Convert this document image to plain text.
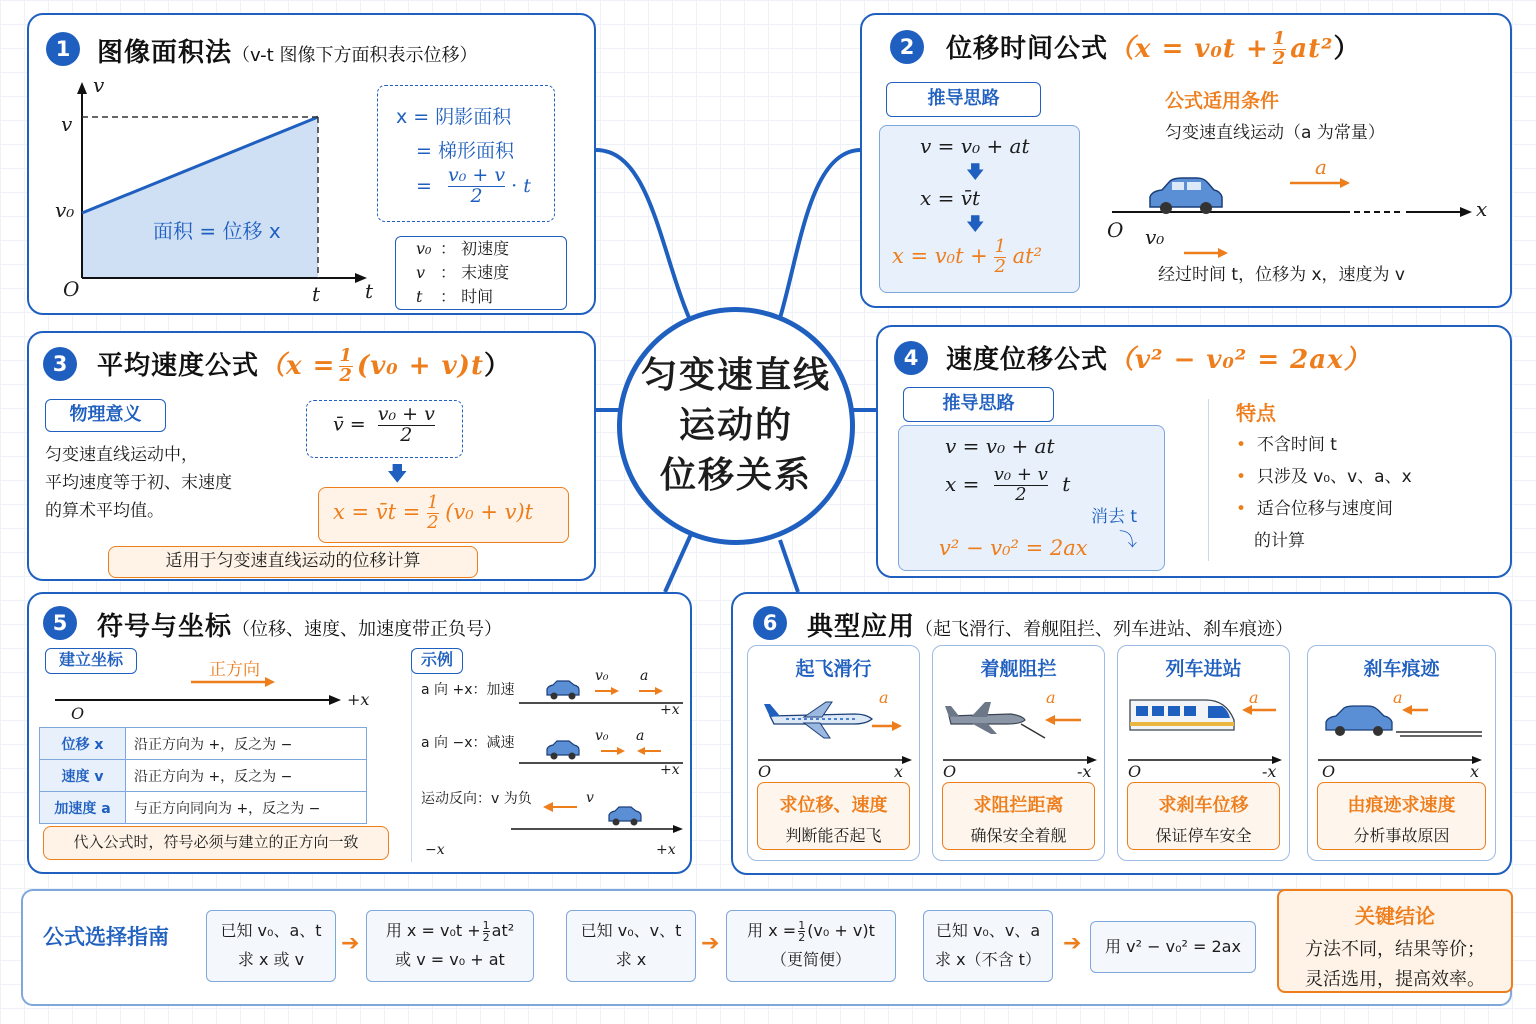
匀变速直线
运动的
位移关系
1	图像面积法（v-t 图像下方面积表示位移）
v
v
v₀
O	t t
面积 = 位移 x
x = 阴影面积
= 梯形面积
= $\frac{\text{v₀ + v}}{2} \cdot t$
v₀ ： 初速度
v ： 末速度
t ： 时间
2	位移时间公式$(x = v_0t + \frac{1}{2} at^2)$
推导思路
v = v₀ + at
🡇
x = v̄t
🡇
$x = v_0t + \frac{1}{2} at^2$
公式适用条件
匀变速直线运动（a 为常量）
a
x
O v₀
经过时间 t，位移为 x，速度为 v
3	平均速度公式$(x = \frac{1}{2} (v_0 + v)t)$
物理意义
匀变速直线运动中，
平均速度等于初、末速度
的算术平均值。
v̄ = $\frac{\text{v₀ + v}}{2}$
🡇
x = v̄t = $\frac{1}{2} (v_0 + v)t$
适用于匀变速直线运动的位移计算
4	速度位移公式（v² − v₀² = 2ax）
推导思路
v = v₀ + at
$x = \frac{\text{v₀ + v}}{2}$ t
v² − v₀² = 2ax
消去 t
⤵
特点
• 不含时间 t
• 只涉及 v₀、v、a、x
• 适合位移与速度间
的计算
5	符号与坐标（位移、速度、加速度带正负号）
建立坐标
正方向
+x
O
位移 x	沿正方向为 +，反之为 −
速度 v	沿正方向为 +，反之为 −
加速度 a	与正方向同向为 +，反之为 −
代入公式时，符号必须与建立的正方向一致
示例
a 向 +x：加速
a 向 −x：减速
运动反向：v 为负
v₀ a
+x
v₀ a
+x
v
−x	+x
6	典型应用（起飞滑行、着舰阻拦、列车进站、刹车痕迹）
起飞滑行
a
O	x
求位移、速度
判断能否起飞
着舰阻拦
a
O	-x
求阻拦距离
确保安全着舰
列车进站
a
O	-x
求刹车位移
保证停车安全
刹车痕迹
a
O	x
由痕迹求速度
分析事故原因
公式选择指南	已知 v₀、a、t
求 x 或 v
➔
用 $x = v_0t + \frac{1}{2} at^2$
或 v = v₀ + at
已知 v₀、v、t
求 x
➔
用 $x = \frac{1}{2} (v_0 + v)t$
（更简便）
已知 v₀、v、a
求 x（不含 t）
➔	用 v² − v₀² = 2ax
关键结论
方法不同，结果等价；
灵活选用，提高效率。
